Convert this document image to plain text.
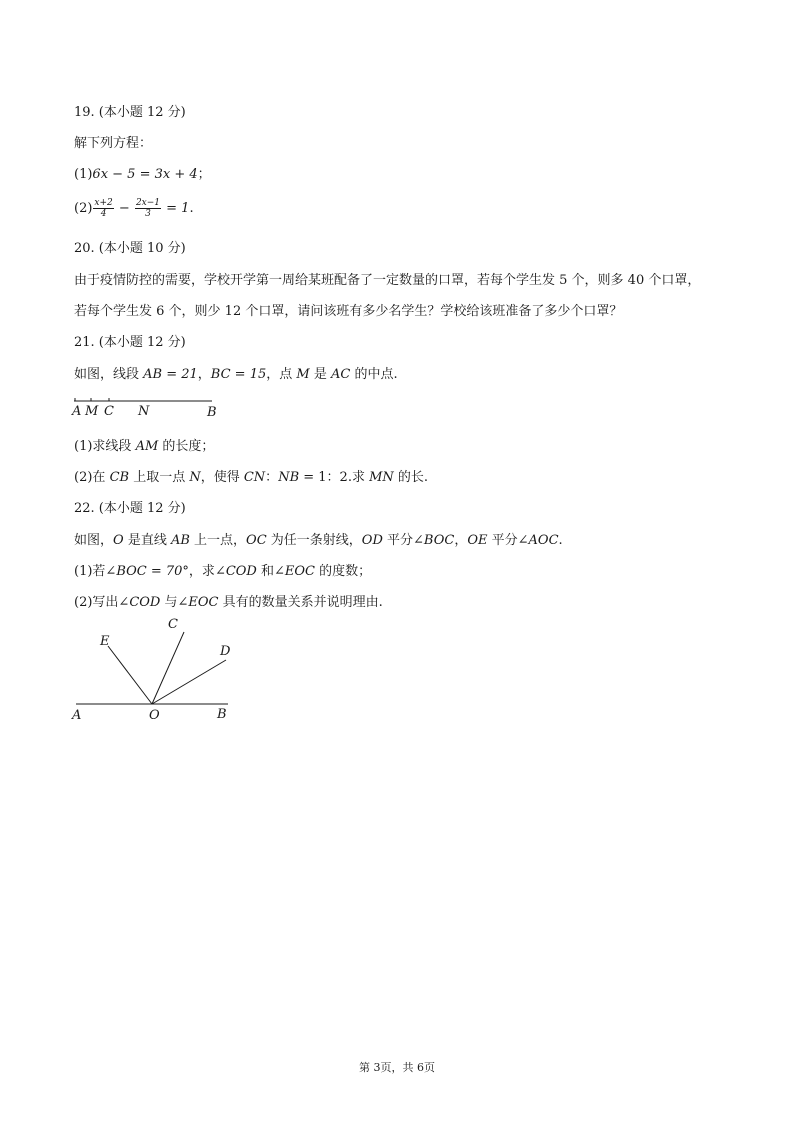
19. (本小题 12 分)
解下列方程：
(1)6x − 5 = 3x + 4；
$(2) \frac{x+2}{4} - \frac{2x-1}{3} = 1$.
20. (本小题 10 分)
由于疫情防控的需要，学校开学第一周给某班配备了一定数量的口罩，若每个学生发 5 个，则多 40 个口罩，
若每个学生发 6 个，则少 12 个口罩，请问该班有多少名学生？学校给该班准备了多少个口罩？
21. (本小题 12 分)
如图，线段 AB = 21，BC = 15，点 M 是 AC 的中点.
A M C N	B
(1)求线段 AM 的长度；
(2)在 CB 上取一点 N，使得 CN：NB = 1：2.求 MN 的长.
22. (本小题 12 分)
如图，O 是直线 AB 上一点，OC 为任一条射线，OD 平分∠BOC，OE 平分∠AOC.
(1)若∠BOC = 70°，求∠COD 和∠EOC 的度数；
(2)写出∠COD 与∠EOC 具有的数量关系并说明理由.
A	O	B
C
D
E
第 3页，共 6页
